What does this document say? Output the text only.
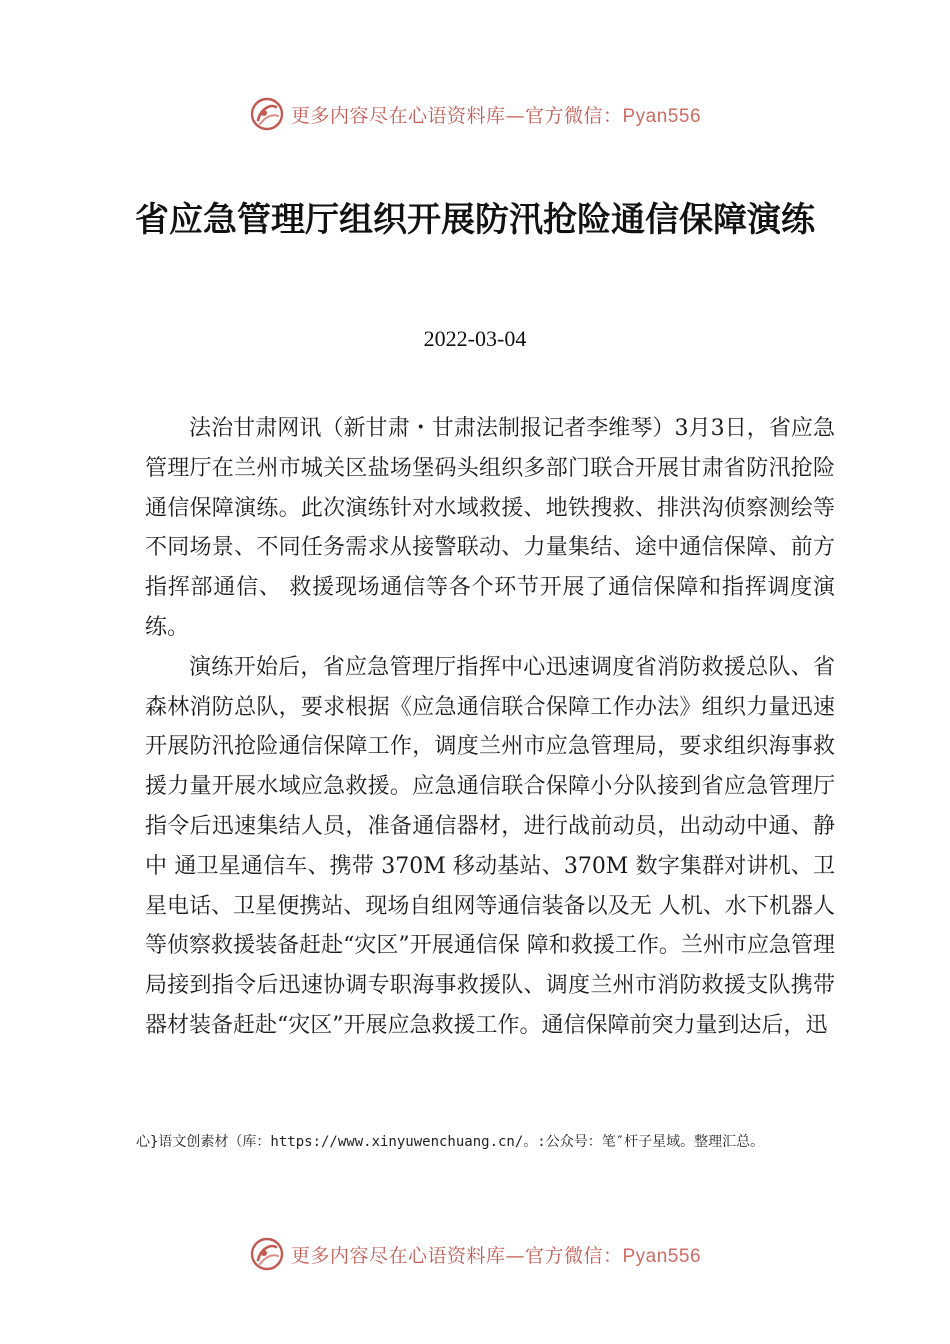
更多内容尽在心语资料库—官方微信：Pyan556
省应急管理厅组织开展防汛抢险通信保障演练
2022-03-04

法治甘肃网讯（新甘肃・甘肃法制报记者李维琴）3月3日，省应急管理厅在兰州市城关区盐场堡码头组织多部门联合开展甘肃省防汛抢险通信保障演练。此次演练针对水域救援、地铁搜救、排洪沟侦察测绘等不同场景、不同任务需求从接警联动、力量集结、途中通信保障、前方指挥部通信、 救援现场通信等各个环节开展了通信保障和指挥调度演练。

演练开始后，省应急管理厅指挥中心迅速调度省消防救援总队、省森林消防总队，要求根据《应急通信联合保障工作办法》组织力量迅速开展防汛抢险通信保障工作，调度兰州市应急管理局，要求组织海事救援力量开展水域应急救援。应急通信联合保障小分队接到省应急管理厅指令后迅速集结人员，准备通信器材，进行战前动员，出动动中通、静中 通卫星通信车、携带 370M 移动基站、370M 数字集群对讲机、卫星电话、卫星便携站、现场自组网等通信装备以及无 人机、水下机器人等侦察救援装备赶赴“灾区”开展通信保 障和救援工作。兰州市应急管理局接到指令后迅速协调专职海事救援队、调度兰州市消防救援支队携带器材装备赶赴“灾区”开展应急救援工作。通信保障前突力量到达后，迅

心}语文创素材（库：https://www.xinyuwenchuang.cn/。:公众号：笔″杆子星域。整理汇总。
更多内容尽在心语资料库—官方微信：Pyan556
